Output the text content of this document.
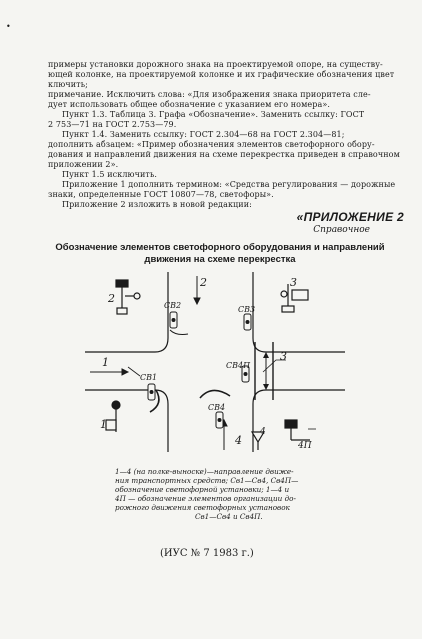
•
примеры установки дорожного знака на проектируемой опоре, на существу-
ющей колонке, на проектируемой колонке и их графические обозначения цвет
ключить;
примечание. Исключить слова: «Для изображения знака приоритета сле-
дует использовать общее обозначение с указанием его номера».
Пункт 1.3. Таблица 3. Графа «Обозначение». Заменить ссылку: ГОСТ
2 753—71 на ГОСТ 2.753—79.
Пункт 1.4. Заменить ссылку: ГОСТ 2.304—68 на ГОСТ 2.304—81;
дополнить абзацем: «Пример обозначения элементов светофорного обору-
дования и направлений движения на схеме перекрестка приведен в справочном
приложении 2».
Пункт 1.5 исключить.
Приложение 1 дополнить термином: «Средства регулирования — дорожные
знаки, определенные ГОСТ 10807—78, светофоры».
Приложение 2 изложить в новой редакции:
«ПРИЛОЖЕНИЕ 2
Справочное
Обозначение элементов светофорного оборудования и направлений
движения на схеме перекрестка
2
2
3
3
1
1
4
4
4П
СВ2	СВ3
СВ1
СВ4
СВ4П
1—4 (на полке-выноске)—направление движе-
ния транспортных средств; Св1—Св4, Св4П—
обозначение светофорной установки; 1—4 и
4П — обозначение элементов организации до-
рожного движения светофорных установок
Св1—Св4 и Св4П.
(ИУС № 7 1983 г.)
